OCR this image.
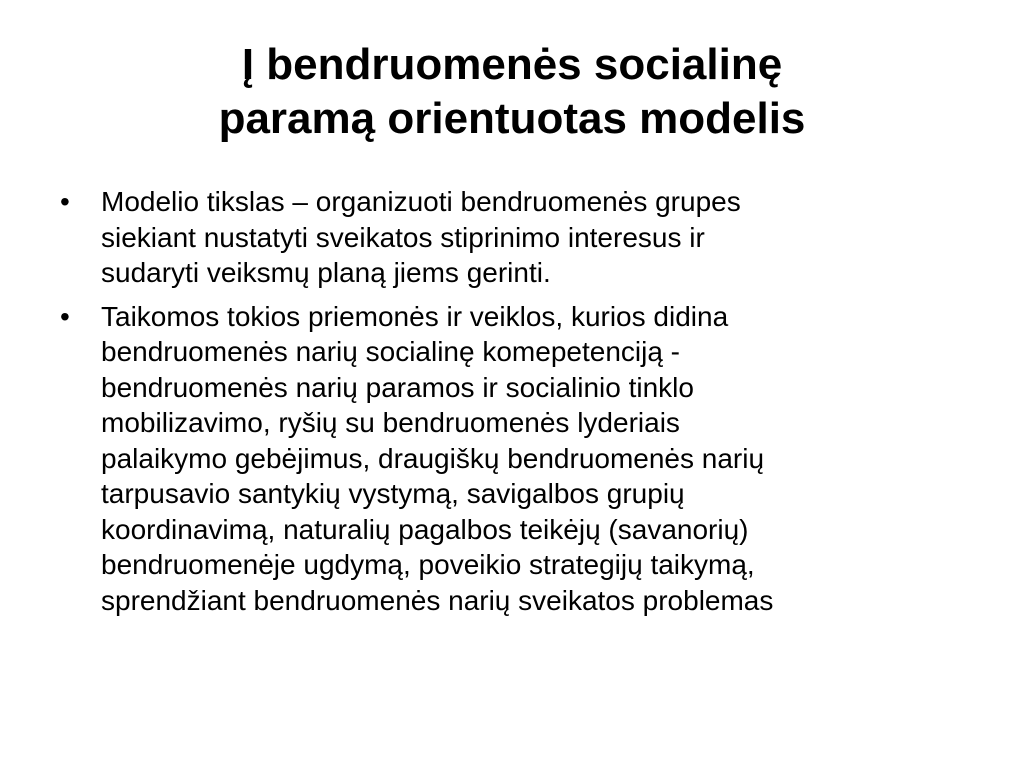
Į bendruomenės socialinę
paramą orientuotas modelis
•	Modelio tikslas – organizuoti bendruomenės grupes
siekiant nustatyti sveikatos stiprinimo interesus ir
sudaryti veiksmų planą jiems gerinti.
•	Taikomos tokios priemonės ir veiklos, kurios didina
bendruomenės narių socialinę komepetenciją -
bendruomenės narių paramos ir socialinio tinklo
mobilizavimo, ryšių su bendruomenės lyderiais
palaikymo gebėjimus, draugiškų bendruomenės narių
tarpusavio santykių vystymą, savigalbos grupių
koordinavimą, naturalių pagalbos teikėjų (savanorių)
bendruomenėje ugdymą, poveikio strategijų taikymą,
sprendžiant bendruomenės narių sveikatos problemas
